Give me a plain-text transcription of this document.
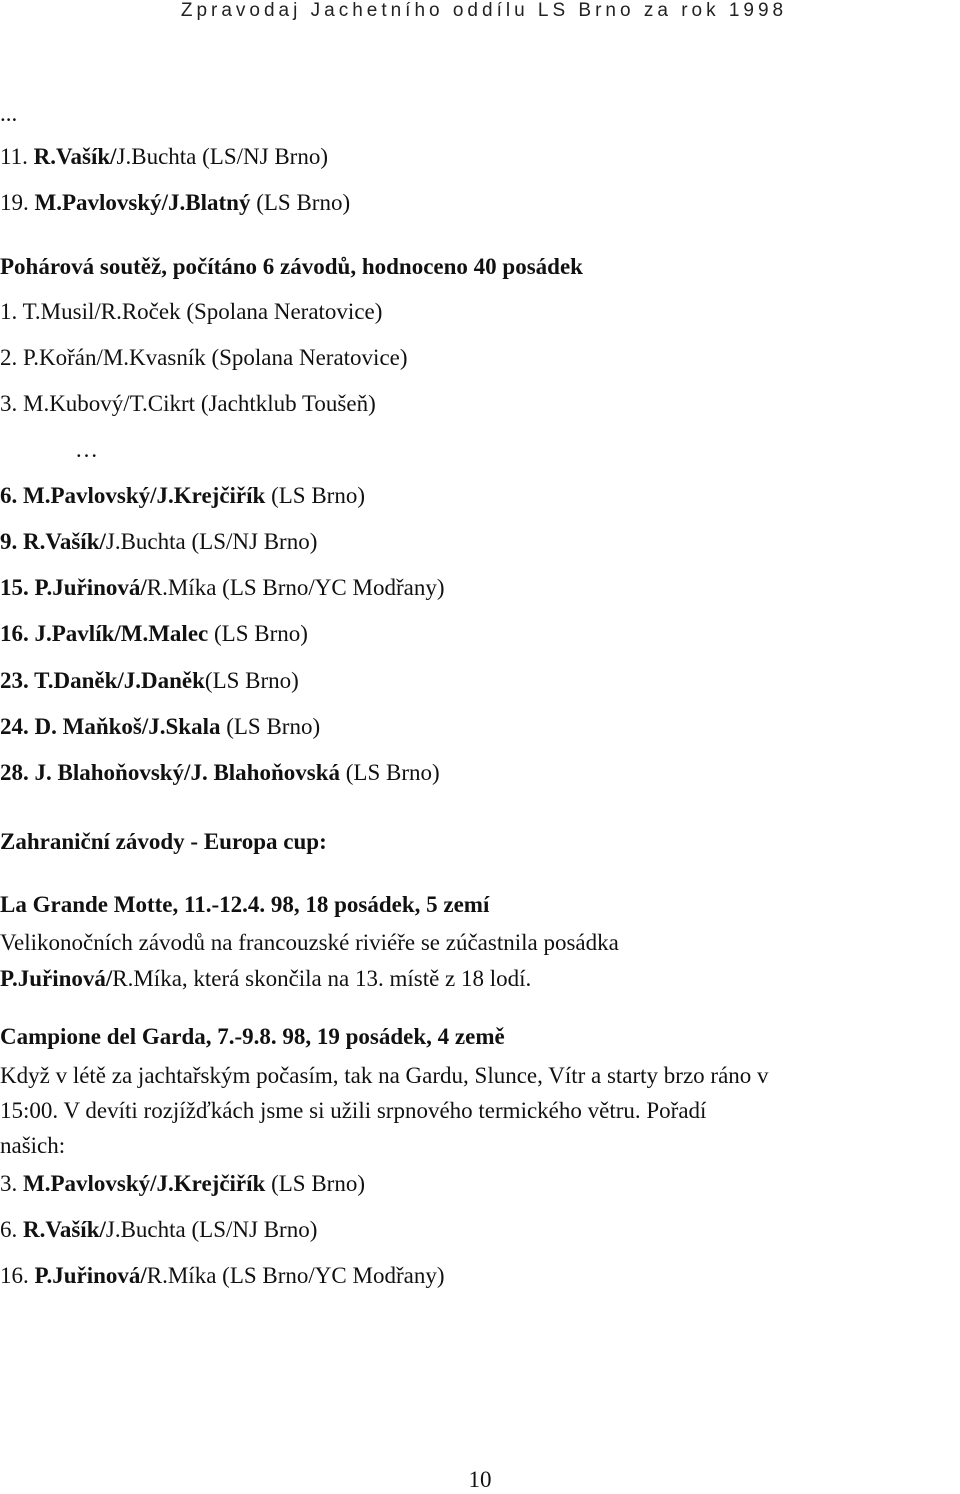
Zpravodaj Jachetního oddílu LS Brno za rok 1998
...
11. R.Vašík/J.Buchta (LS/NJ Brno)
19. M.Pavlovský/J.Blatný (LS Brno)
Pohárová soutěž, počítáno 6 závodů, hodnoceno 40 posádek
1. T.Musil/R.Roček (Spolana Neratovice)
2. P.Kořán/M.Kvasník (Spolana Neratovice)
3. M.Kubový/T.Cikrt (Jachtklub Toušeň)
…
6. M.Pavlovský/J.Krejčiřík (LS Brno)
9. R.Vašík/J.Buchta (LS/NJ Brno)
15. P.Juřinová/R.Míka (LS Brno/YC Modřany)
16. J.Pavlík/M.Malec (LS Brno)
23. T.Daněk/J.Daněk(LS Brno)
24. D. Maňkoš/J.Skala (LS Brno)
28. J. Blahoňovský/J. Blahoňovská (LS Brno)
Zahraniční závody - Europa cup:
La Grande Motte, 11.-12.4. 98, 18 posádek, 5 zemí
Velikonočních závodů na francouzské riviéře se zúčastnila posádka
P.Juřinová/R.Míka, která skončila na 13. místě z 18 lodí.
Campione del Garda, 7.-9.8. 98, 19 posádek, 4 země
Když v létě za jachtařským počasím, tak na Gardu, Slunce, Vítr a starty brzo ráno v
15:00. V devíti rozjížďkách jsme si užili srpnového termického větru. Pořadí
našich:
3. M.Pavlovský/J.Krejčiřík (LS Brno)
6. R.Vašík/J.Buchta (LS/NJ Brno)
16. P.Juřinová/R.Míka (LS Brno/YC Modřany)
10
